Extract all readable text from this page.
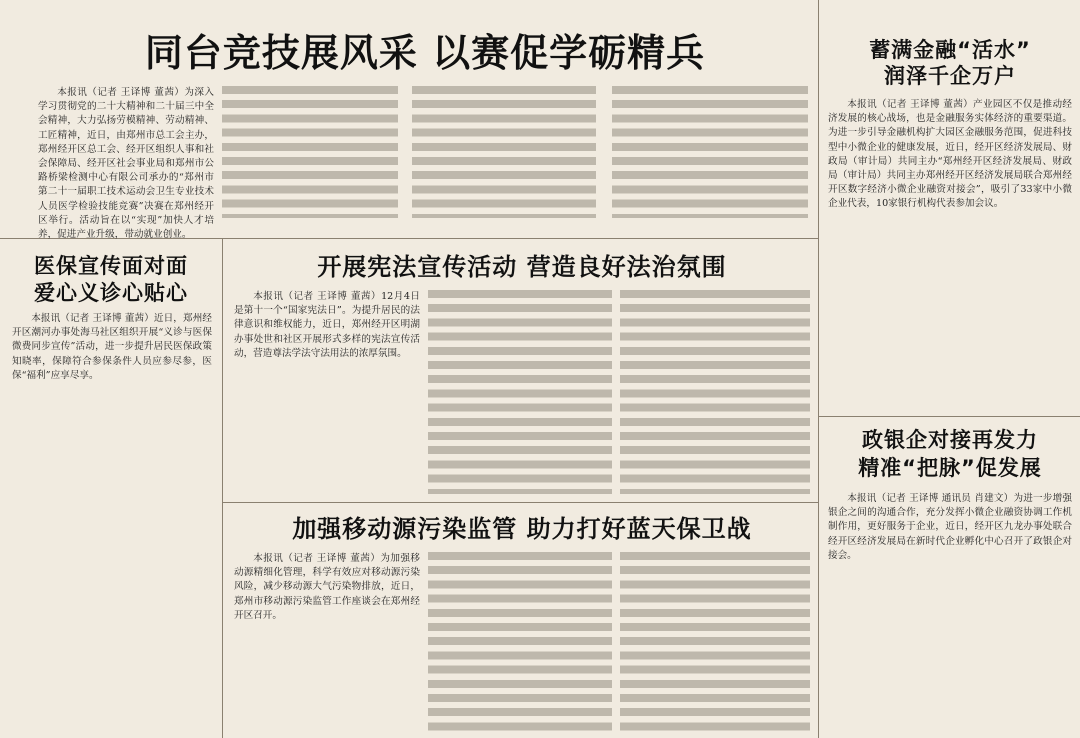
同台竞技展风采 以赛促学砺精兵

本报讯（记者 王译博 董茜）为深入学习贯彻党的二十大精神和二十届三中全会精神，大力弘扬劳模精神、劳动精神、工匠精神，近日，由郑州市总工会主办，郑州经开区总工会、经开区组织人事和社会保障局、经开区社会事业局和郑州市公路桥梁检测中心有限公司承办的“郑州市第二十一届职工技术运动会卫生专业技术人员医学检验技能竞赛”决赛在郑州经开区举行。活动旨在以“实现”加快人才培养，促进产业升级，带动就业创业。

蓄满金融“活水”
润泽千企万户

本报讯（记者 王译博 董茜）产业园区不仅是推动经济发展的核心战场，也是金融服务实体经济的重要渠道。为进一步引导金融机构扩大园区金融服务范围，促进科技型中小微企业的健康发展，近日，经开区经济发展局、财政局（审计局）共同主办“郑州经开区经济发展局、财政局（审计局）共同主办郑州经开区经济发展局联合郑州经开区数字经济小微企业融资对接会”，吸引了33家中小微企业代表，10家银行机构代表参加会议。

医保宣传面对面
爱心义诊心贴心

本报讯（记者 王译博 董茜）近日，郑州经开区潮河办事处海马社区组织开展“义诊与医保微费同步宣传”活动，进一步提升居民医保政策知晓率，保障符合参保条件人员应参尽参，医保“福利”应享尽享。

开展宪法宣传活动 营造良好法治氛围

本报讯（记者 王译博 董茜）12月4日是第十一个“国家宪法日”。为提升居民的法律意识和维权能力，近日，郑州经开区明湖办事处世和社区开展形式多样的宪法宣传活动，营造尊法学法守法用法的浓厚氛围。

政银企对接再发力
精准“把脉”促发展

本报讯（记者 王译博 通讯员 肖建文）为进一步增强银企之间的沟通合作，充分发挥小微企业融资协调工作机制作用，更好服务于企业，近日，经开区九龙办事处联合经开区经济发展局在新时代企业孵化中心召开了政银企对接会。

加强移动源污染监管 助力打好蓝天保卫战

本报讯（记者 王译博 董茜）为加强移动源精细化管理，科学有效应对移动源污染风险，减少移动源大气污染物排放，近日，郑州市移动源污染监管工作座谈会在郑州经开区召开。
